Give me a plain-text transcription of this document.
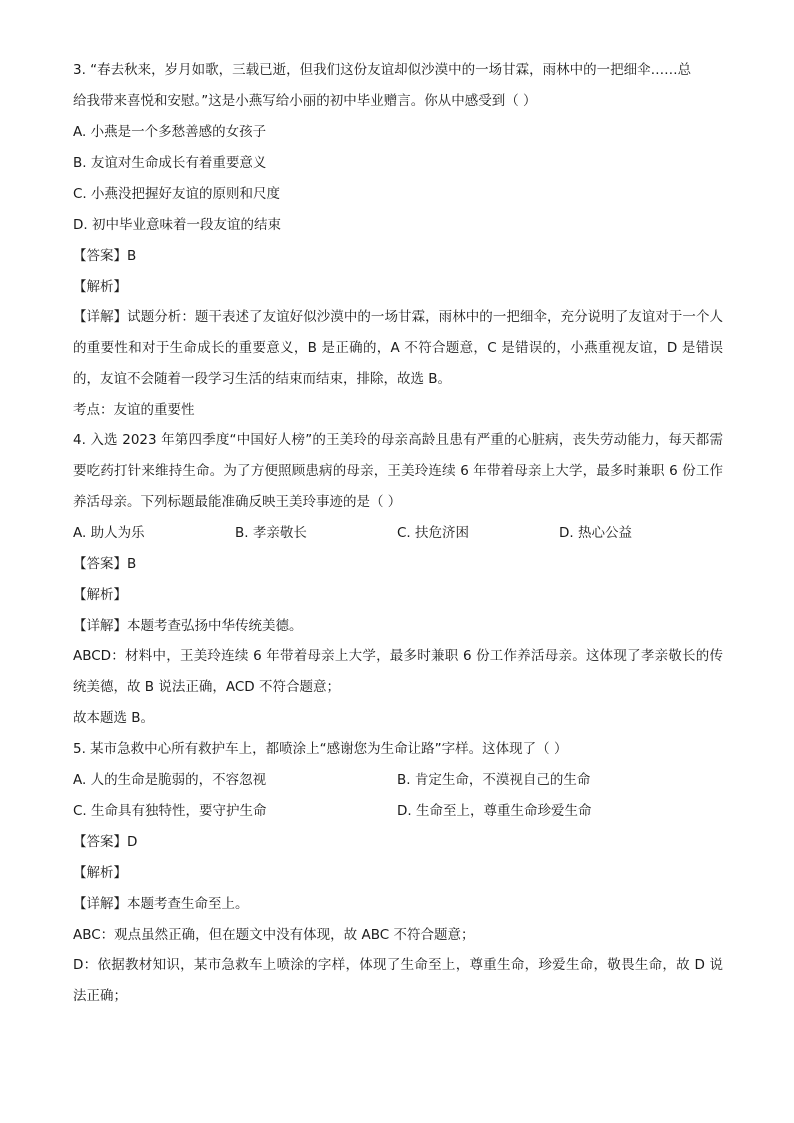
3. “春去秋来，岁月如歌，三载已逝，但我们这份友谊却似沙漠中的一场甘霖，雨林中的一把细伞……总
给我带来喜悦和安慰。”这是小燕写给小丽的初中毕业赠言。你从中感受到（ ）
A. 小燕是一个多愁善感的女孩子
B. 友谊对生命成长有着重要意义
C. 小燕没把握好友谊的原则和尺度
D. 初中毕业意味着一段友谊的结束
【答案】B
【解析】
【详解】试题分析：题干表述了友谊好似沙漠中的一场甘霖，雨林中的一把细伞，充分说明了友谊对于一个人的重要性和对于生命成长的重要意义，B 是正确的，A 不符合题意，C 是错误的，小燕重视友谊，D 是错误的，友谊不会随着一段学习生活的结束而结束，排除，故选 B。
考点：友谊的重要性
4. 入选 2023 年第四季度“中国好人榜”的王美玲的母亲高龄且患有严重的心脏病，丧失劳动能力，每天都需要吃药打针来维持生命。为了方便照顾患病的母亲，王美玲连续 6 年带着母亲上大学，最多时兼职 6 份工作养活母亲。下列标题最能准确反映王美玲事迹的是（ ）
A. 助人为乐	B. 孝亲敬长	C. 扶危济困	D. 热心公益
【答案】B
【解析】
【详解】本题考查弘扬中华传统美德。
ABCD：材料中，王美玲连续 6 年带着母亲上大学，最多时兼职 6 份工作养活母亲。这体现了孝亲敬长的传统美德，故 B 说法正确，ACD 不符合题意；
故本题选 B。
5. 某市急救中心所有救护车上，都喷涂上“感谢您为生命让路”字样。这体现了（ ）
A. 人的生命是脆弱的，不容忽视	B. 肯定生命，不漠视自己的生命
C. 生命具有独特性，要守护生命	D. 生命至上，尊重生命珍爱生命
【答案】D
【解析】
【详解】本题考查生命至上。
ABC：观点虽然正确，但在题文中没有体现，故 ABC 不符合题意；
D：依据教材知识，某市急救车上喷涂的字样，体现了生命至上，尊重生命，珍爱生命，敬畏生命，故 D 说法正确；
